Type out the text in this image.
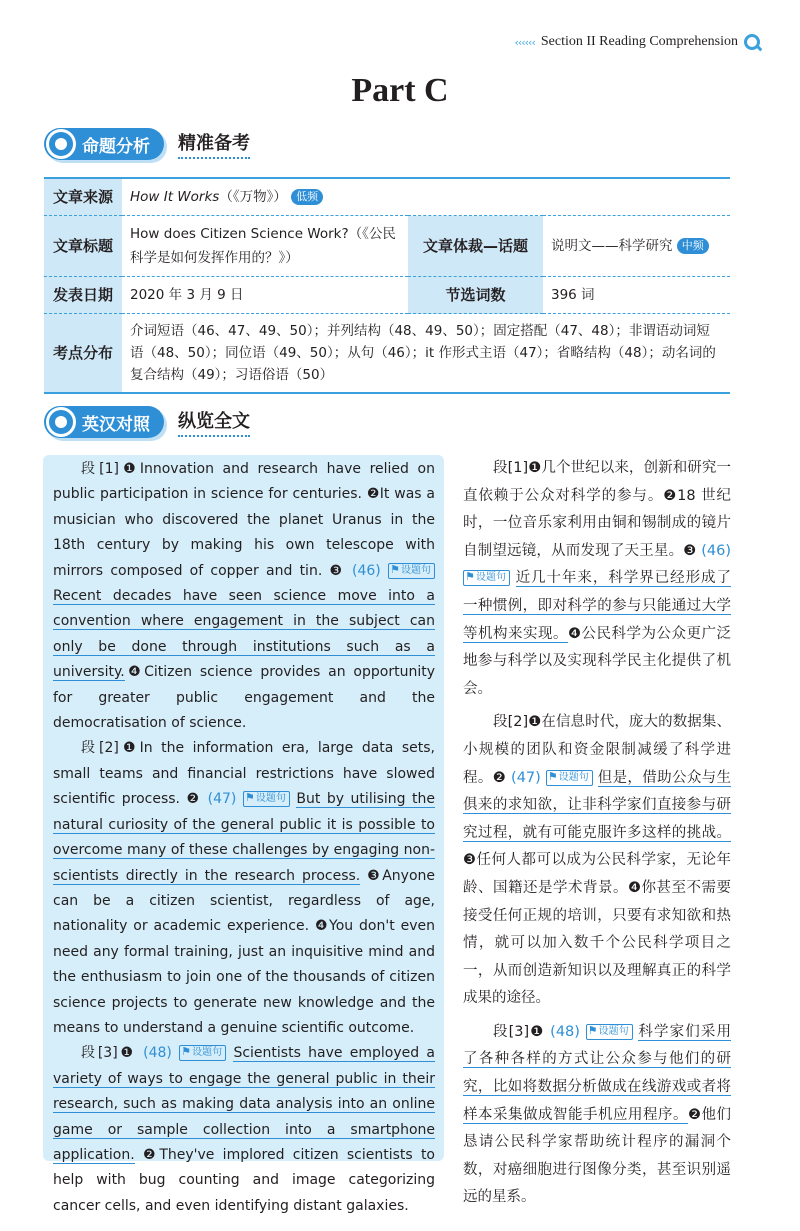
‹‹‹‹‹‹ Section II Reading Comprehension
Part C
命题分析 精准备考
文章来源	How It Works（《万物》） 低频		
文章标题	How does Citizen Science Work?（《公民科学是如何发挥作用的？》）	文章体裁—话题	说明文——科学研究 中频
发表日期	2020 年 3 月 9 日	节选词数	396 词
考点分布	介词短语（46、47、49、50）；并列结构（48、49、50）；固定搭配（47、48）；非谓语动词短语（48、50）；同位语（49、50）；从句（46）；it 作形式主语（47）；省略结构（48）；动名词的复合结构（49）；习语俗语（50）		
英汉对照 纵览全文

段[1]❶Innovation and research have relied on public participation in science for centuries. ❷It was a musician who discovered the planet Uranus in the 18th century by making his own telescope with mirrors composed of copper and tin. ❸ (46) ⚑ 设题句 Recent decades have seen science move into a convention where engagement in the subject can only be done through institutions such as a university.❹Citizen science provides an opportunity for greater public engagement and the democratisation of science.

段[2]❶In the information era, large data sets, small teams and financial restrictions have slowed scientific process. ❷ (47) ⚑ 设题句 But by utilising the natural curiosity of the general public it is possible to overcome many of these challenges by engaging non-scientists directly in the research process. ❸Anyone can be a citizen scientist, regardless of age, nationality or academic experience. ❹You don't even need any formal training, just an inquisitive mind and the enthusiasm to join one of the thousands of citizen science projects to generate new knowledge and the means to understand a genuine scientific outcome.

段[3]❶ (48) ⚑ 设题句 Scientists have employed a variety of ways to engage the general public in their research, such as making data analysis into an online game or sample collection into a smartphone application. ❷They've implored citizen scientists to help with bug counting and image categorizing cancer cells, and even identifying distant galaxies.

段[1]❶几个世纪以来，创新和研究一直依赖于公众对科学的参与。❷18 世纪时，一位音乐家利用由铜和锡制成的镜片自制望远镜，从而发现了天王星。❸ (46) ⚑ 设题句 近几十年来，科学界已经形成了一种惯例，即对科学的参与只能通过大学等机构来实现。❹公民科学为公众更广泛地参与科学以及实现科学民主化提供了机会。

段[2]❶在信息时代，庞大的数据集、小规模的团队和资金限制减缓了科学进程。❷ (47) ⚑ 设题句 但是，借助公众与生俱来的求知欲，让非科学家们直接参与研究过程，就有可能克服许多这样的挑战。❸任何人都可以成为公民科学家，无论年龄、国籍还是学术背景。❹你甚至不需要接受任何正规的培训，只要有求知欲和热情，就可以加入数千个公民科学项目之一，从而创造新知识以及理解真正的科学成果的途径。

段[3]❶ (48) ⚑ 设题句 科学家们采用了各种各样的方式让公众参与他们的研究，比如将数据分析做成在线游戏或者将样本采集做成智能手机应用程序。❷他们恳请公民科学家帮助统计程序的漏洞个数，对癌细胞进行图像分类，甚至识别遥远的星系。
